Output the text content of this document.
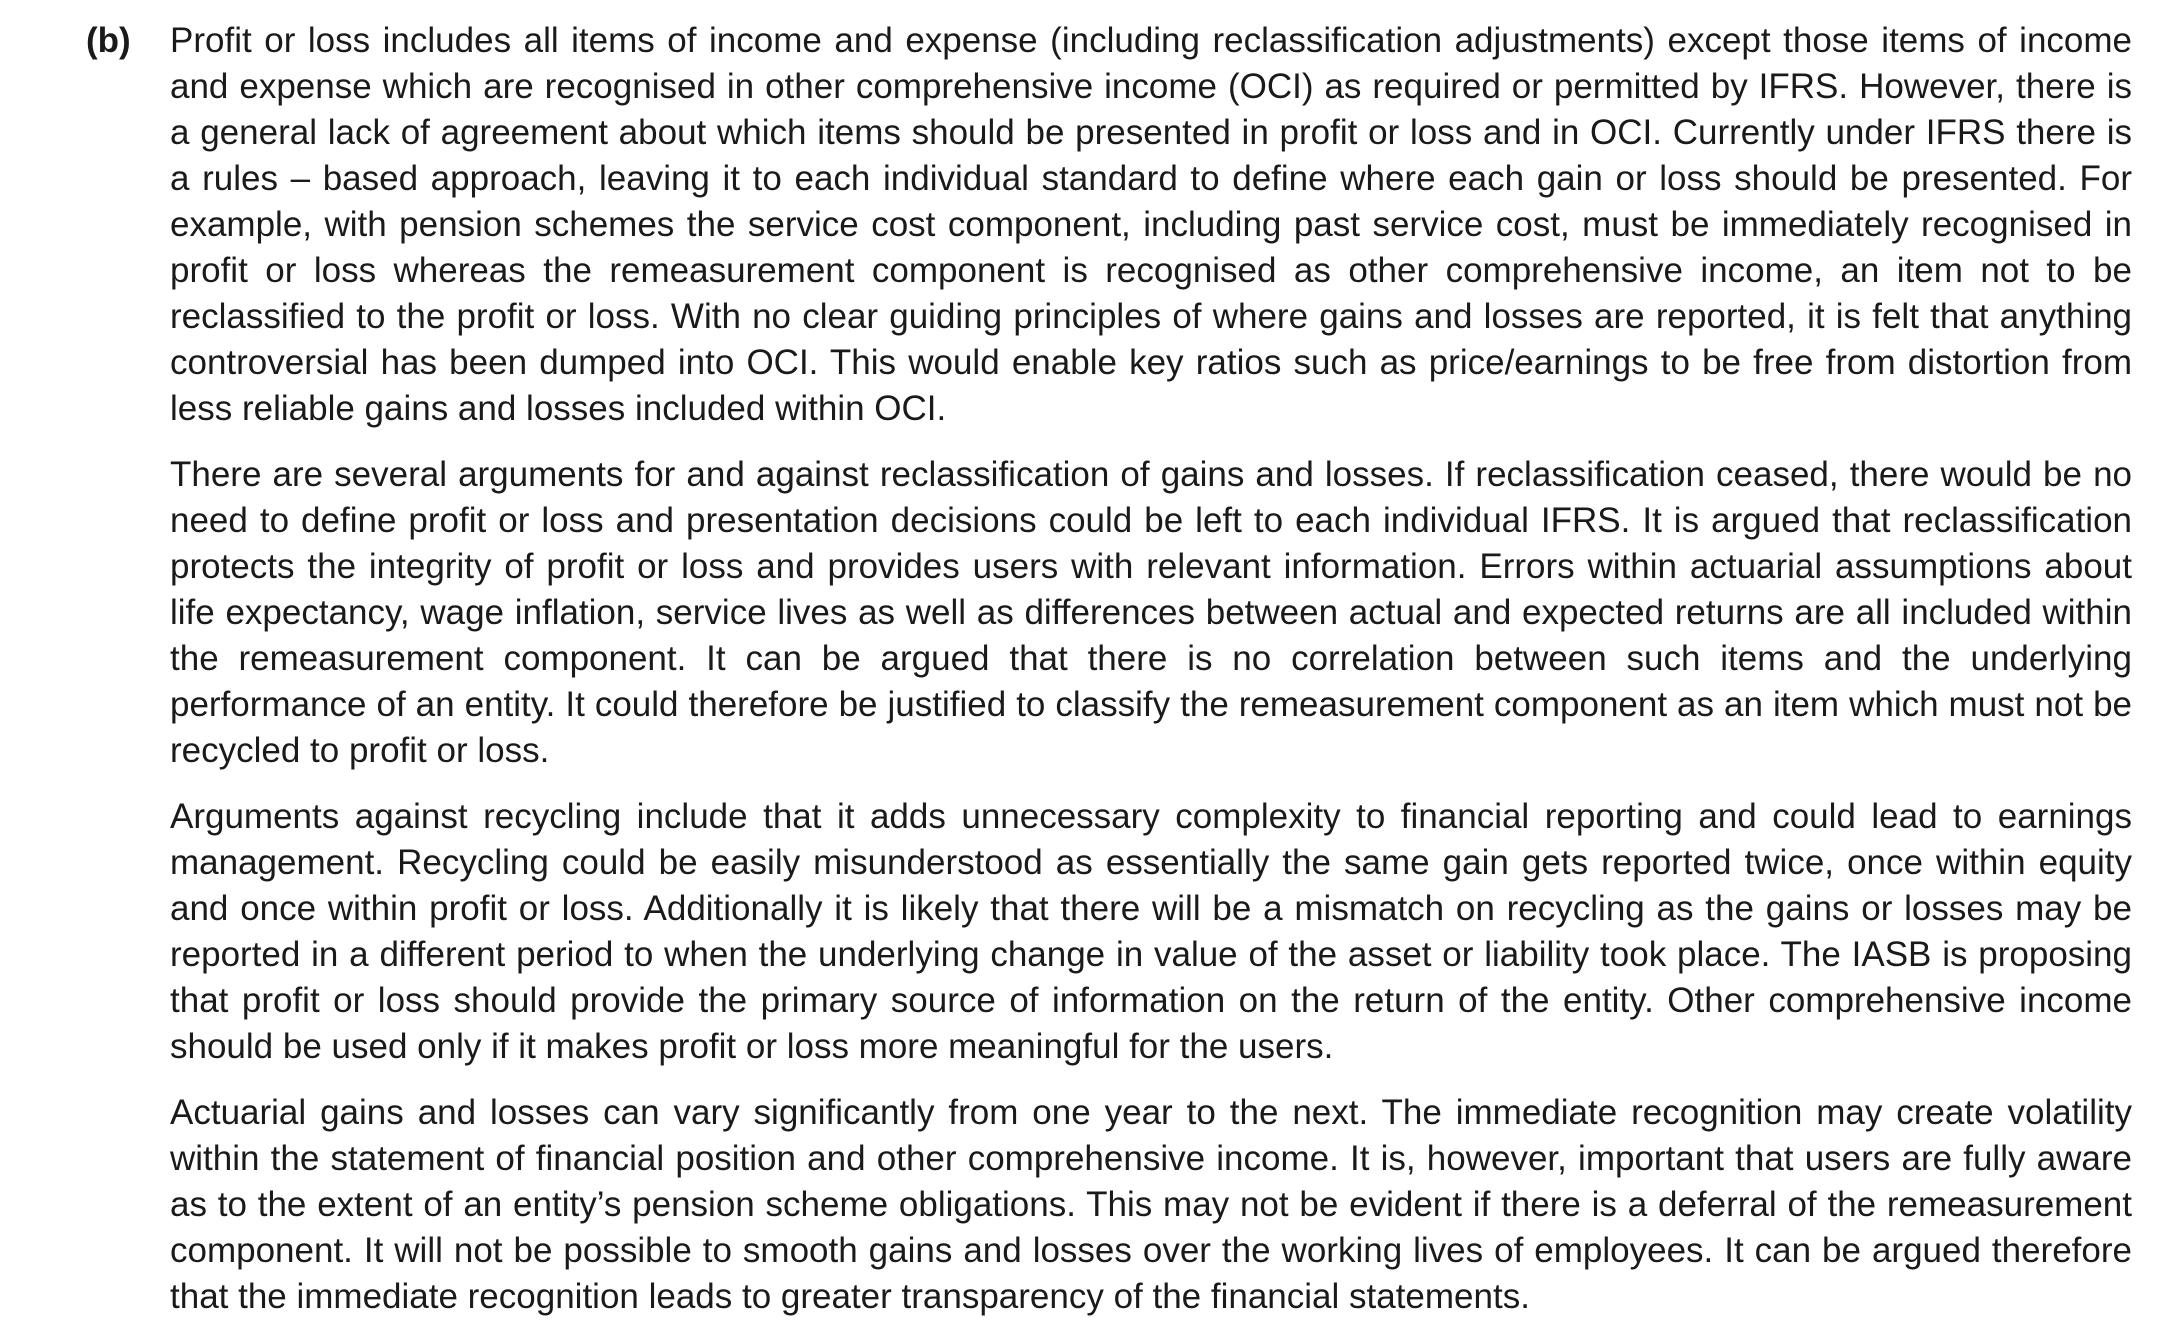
(b) Profit or loss includes all items of income and expense (including reclassification adjustments) except those items of income and expense which are recognised in other comprehensive income (OCI) as required or permitted by IFRS. However, there is a general lack of agreement about which items should be presented in profit or loss and in OCI. Currently under IFRS there is a rules – based approach, leaving it to each individual standard to define where each gain or loss should be presented. For example, with pension schemes the service cost component, including past service cost, must be immediately recognised in profit or loss whereas the remeasurement component is recognised as other comprehensive income, an item not to be reclassified to the profit or loss. With no clear guiding principles of where gains and losses are reported, it is felt that anything controversial has been dumped into OCI. This would enable key ratios such as price/earnings to be free from distortion from less reliable gains and losses included within OCI.

There are several arguments for and against reclassification of gains and losses. If reclassification ceased, there would be no need to define profit or loss and presentation decisions could be left to each individual IFRS. It is argued that reclassification protects the integrity of profit or loss and provides users with relevant information. Errors within actuarial assumptions about life expectancy, wage inflation, service lives as well as differences between actual and expected returns are all included within the remeasurement component. It can be argued that there is no correlation between such items and the underlying performance of an entity. It could therefore be justified to classify the remeasurement component as an item which must not be recycled to profit or loss.

Arguments against recycling include that it adds unnecessary complexity to financial reporting and could lead to earnings management. Recycling could be easily misunderstood as essentially the same gain gets reported twice, once within equity and once within profit or loss. Additionally it is likely that there will be a mismatch on recycling as the gains or losses may be reported in a different period to when the underlying change in value of the asset or liability took place. The IASB is proposing that profit or loss should provide the primary source of information on the return of the entity. Other comprehensive income should be used only if it makes profit or loss more meaningful for the users.

Actuarial gains and losses can vary significantly from one year to the next. The immediate recognition may create volatility within the statement of financial position and other comprehensive income. It is, however, important that users are fully aware as to the extent of an entity’s pension scheme obligations. This may not be evident if there is a deferral of the remeasurement component. It will not be possible to smooth gains and losses over the working lives of employees. It can be argued therefore that the immediate recognition leads to greater transparency of the financial statements.
